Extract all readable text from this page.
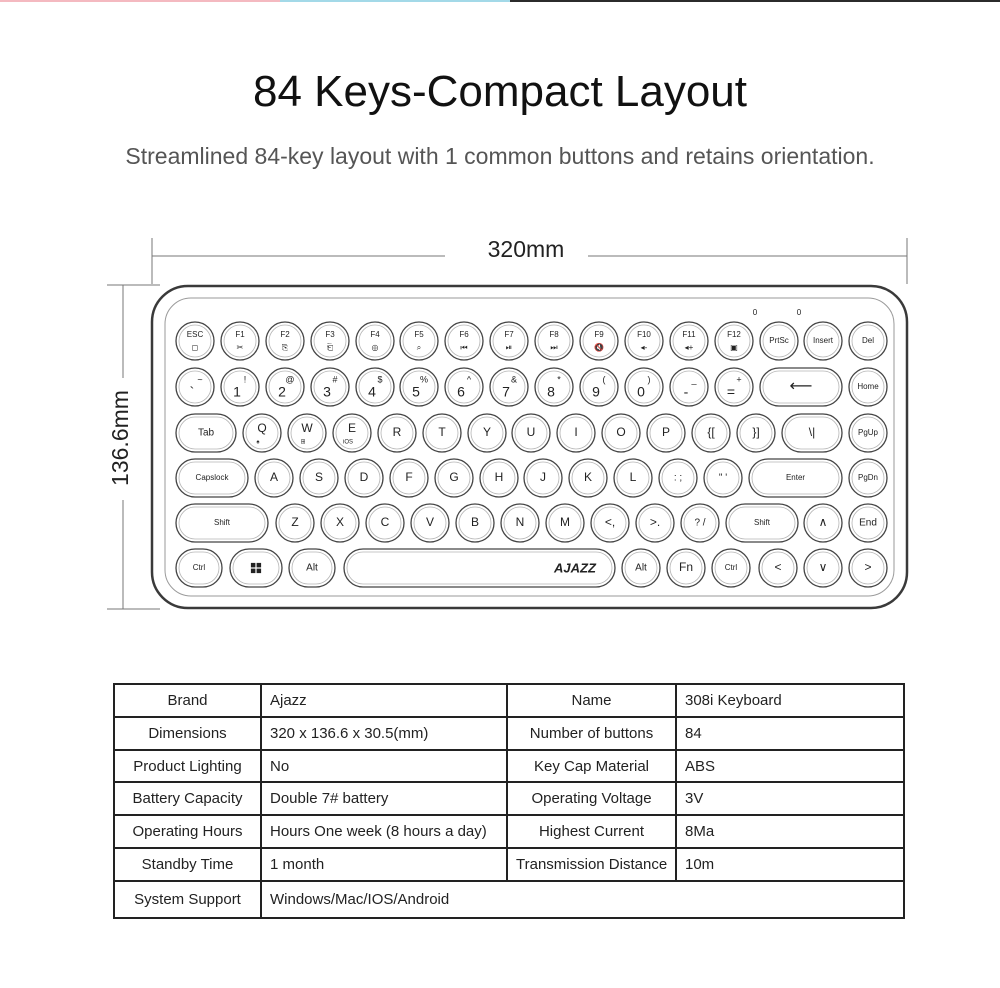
84 Keys-Compact Layout

Streamlined 84-key layout with 1 common buttons and retains orientation.

320mm
136.6mm
0	0
ESC
◻
F1
✂
F2
⎘
F3
⎗
F4
◎
F5
⌕
F6
⏮
F7
⏯
F8
⏭
F9
🔇
F10
◂-
F11
◂+
F12
▣
PrtSc	Insert	Del
~
`
!
1
@
2
#
3
$
4
%
5
^
6
&
7
*
8
(
9
)
0
_
-
+
=	⟵	Home
Tab	Q
♠
W
⊞
E
iOS
R	T	Y	U	I	O	P	{[	}]	\|	PgUp
Capslock	A	S	D	F	G	H	J	K	L	: ;	" '	Enter	PgDn
Shift	Z	X	C	V	B	N	M	<,	>.	? /	Shift	∧	End
Ctrl	Alt	AJAZZ	Alt	Fn	Ctrl	<	∨	>
Brand	Ajazz	Name	308i Keyboard
Dimensions	320 x 136.6 x 30.5(mm)	Number of buttons	84
Product Lighting	No	Key Cap Material	ABS
Battery Capacity	Double 7# battery	Operating Voltage	3V
Operating Hours	Hours One week (8 hours a day)	Highest Current	8Ma
Standby Time	1 month	Transmission Distance	10m
System Support	Windows/Mac/IOS/Android		
